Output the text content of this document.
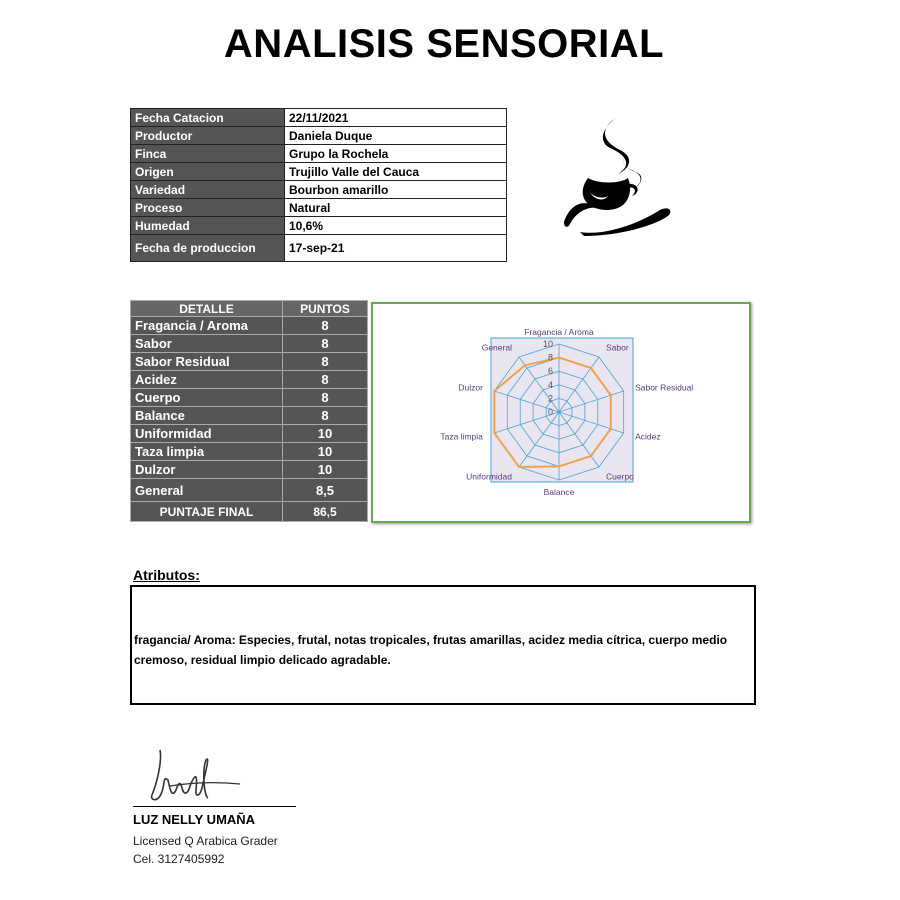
ANALISIS SENSORIAL
Fecha Catacion	22/11/2021
Productor	Daniela Duque
Finca	Grupo la Rochela
Origen	Trujillo Valle del Cauca
Variedad	Bourbon amarillo
Proceso	Natural
Humedad	10,6%
Fecha de produccion	17-sep-21
DETALLE	PUNTOS
Fragancia / Aroma	8
Sabor	8
Sabor Residual	8
Acidez	8
Cuerpo	8
Balance	8
Uniformidad	10
Taza limpia	10
Dulzor	10
General	8,5
PUNTAJE FINAL	86,5
0
2
4
6
8
10
Fragancia / Aroma
Sabor
Sabor Residual
Acidez
Cuerpo
Balance
Uniformidad
Taza limpia
Dulzor
General
Atributos:
fragancia/ Aroma: Especies, frutal, notas tropicales, frutas amarillas, acidez media cítrica, cuerpo medio cremoso, residual limpio delicado agradable.
LUZ NELLY UMAÑA
Licensed Q Arabica Grader
Cel. 3127405992
